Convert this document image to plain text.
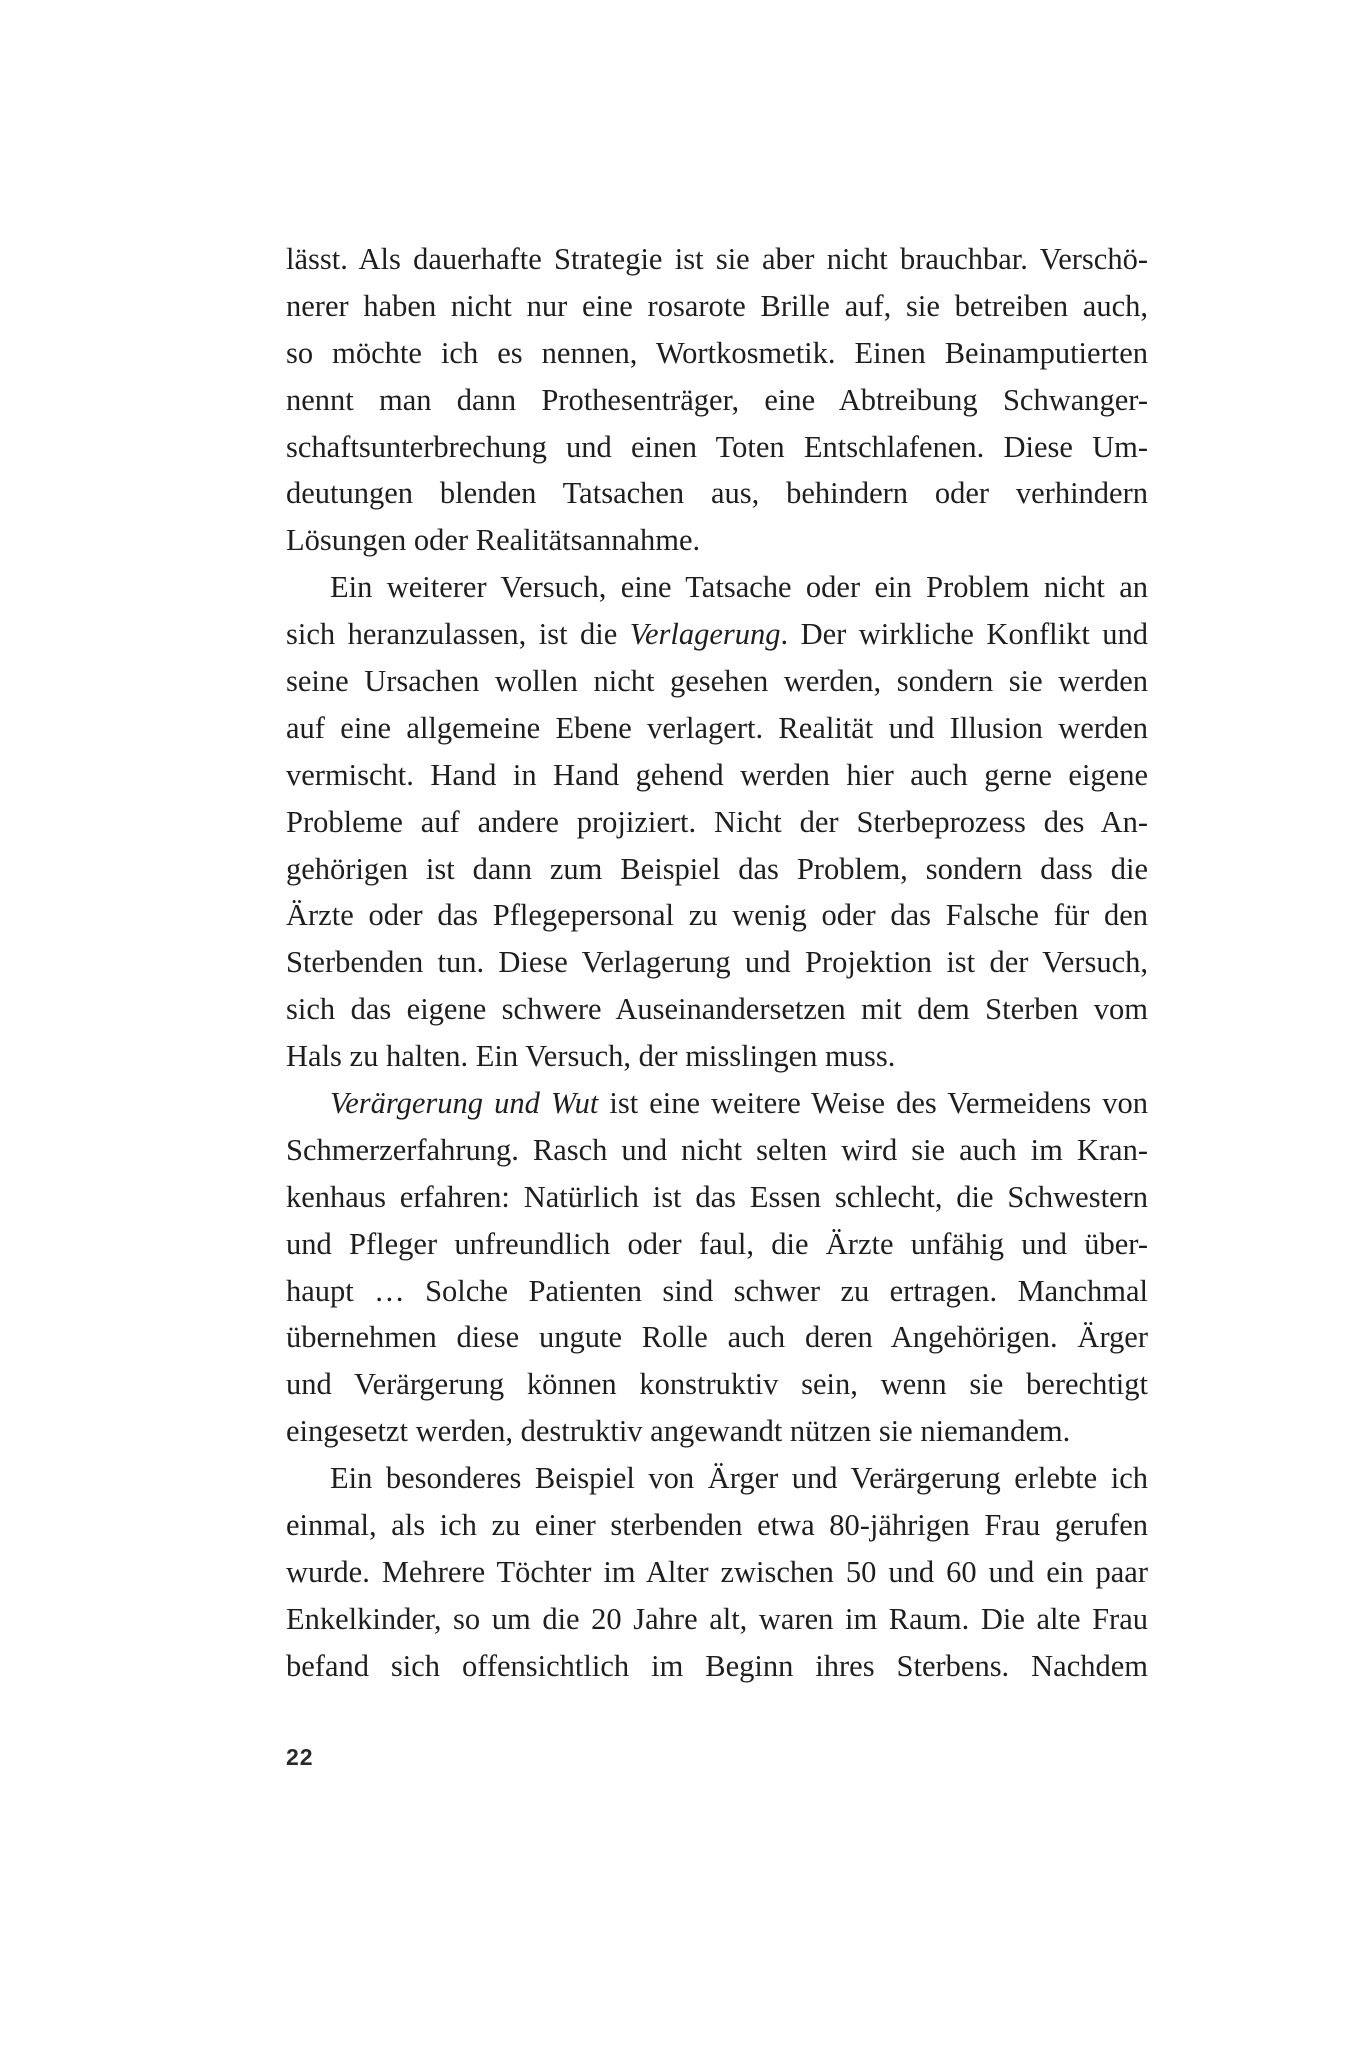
lässt. Als dauerhafte Strategie ist sie aber nicht brauchbar. Verschö-
nerer haben nicht nur eine rosarote Brille auf, sie betreiben auch,
so möchte ich es nennen, Wortkosmetik. Einen Beinamputierten
nennt man dann Prothesenträger, eine Abtreibung Schwanger-
schaftsunterbrechung und einen Toten Entschlafenen. Diese Um-
deutungen blenden Tatsachen aus, behindern oder verhindern
Lösungen oder Realitätsannahme.
Ein weiterer Versuch, eine Tatsache oder ein Problem nicht an
sich heranzulassen, ist die Verlagerung. Der wirkliche Konflikt und
seine Ursachen wollen nicht gesehen werden, sondern sie werden
auf eine allgemeine Ebene verlagert. Realität und Illusion werden
vermischt. Hand in Hand gehend werden hier auch gerne eigene
Probleme auf andere projiziert. Nicht der Sterbeprozess des An-
gehörigen ist dann zum Beispiel das Problem, sondern dass die
Ärzte oder das Pflegepersonal zu wenig oder das Falsche für den
Sterbenden tun. Diese Verlagerung und Projektion ist der Versuch,
sich das eigene schwere Auseinandersetzen mit dem Sterben vom
Hals zu halten. Ein Versuch, der misslingen muss.
Verärgerung und Wut ist eine weitere Weise des Vermeidens von
Schmerzerfahrung. Rasch und nicht selten wird sie auch im Kran-
kenhaus erfahren: Natürlich ist das Essen schlecht, die Schwestern
und Pfleger unfreundlich oder faul, die Ärzte unfähig und über-
haupt … Solche Patienten sind schwer zu ertragen. Manchmal
übernehmen diese ungute Rolle auch deren Angehörigen. Ärger
und Verärgerung können konstruktiv sein, wenn sie berechtigt
eingesetzt werden, destruktiv angewandt nützen sie niemandem.
Ein besonderes Beispiel von Ärger und Verärgerung erlebte ich
einmal, als ich zu einer sterbenden etwa 80-jährigen Frau gerufen
wurde. Mehrere Töchter im Alter zwischen 50 und 60 und ein paar
Enkelkinder, so um die 20 Jahre alt, waren im Raum. Die alte Frau
befand sich offensichtlich im Beginn ihres Sterbens. Nachdem
22
